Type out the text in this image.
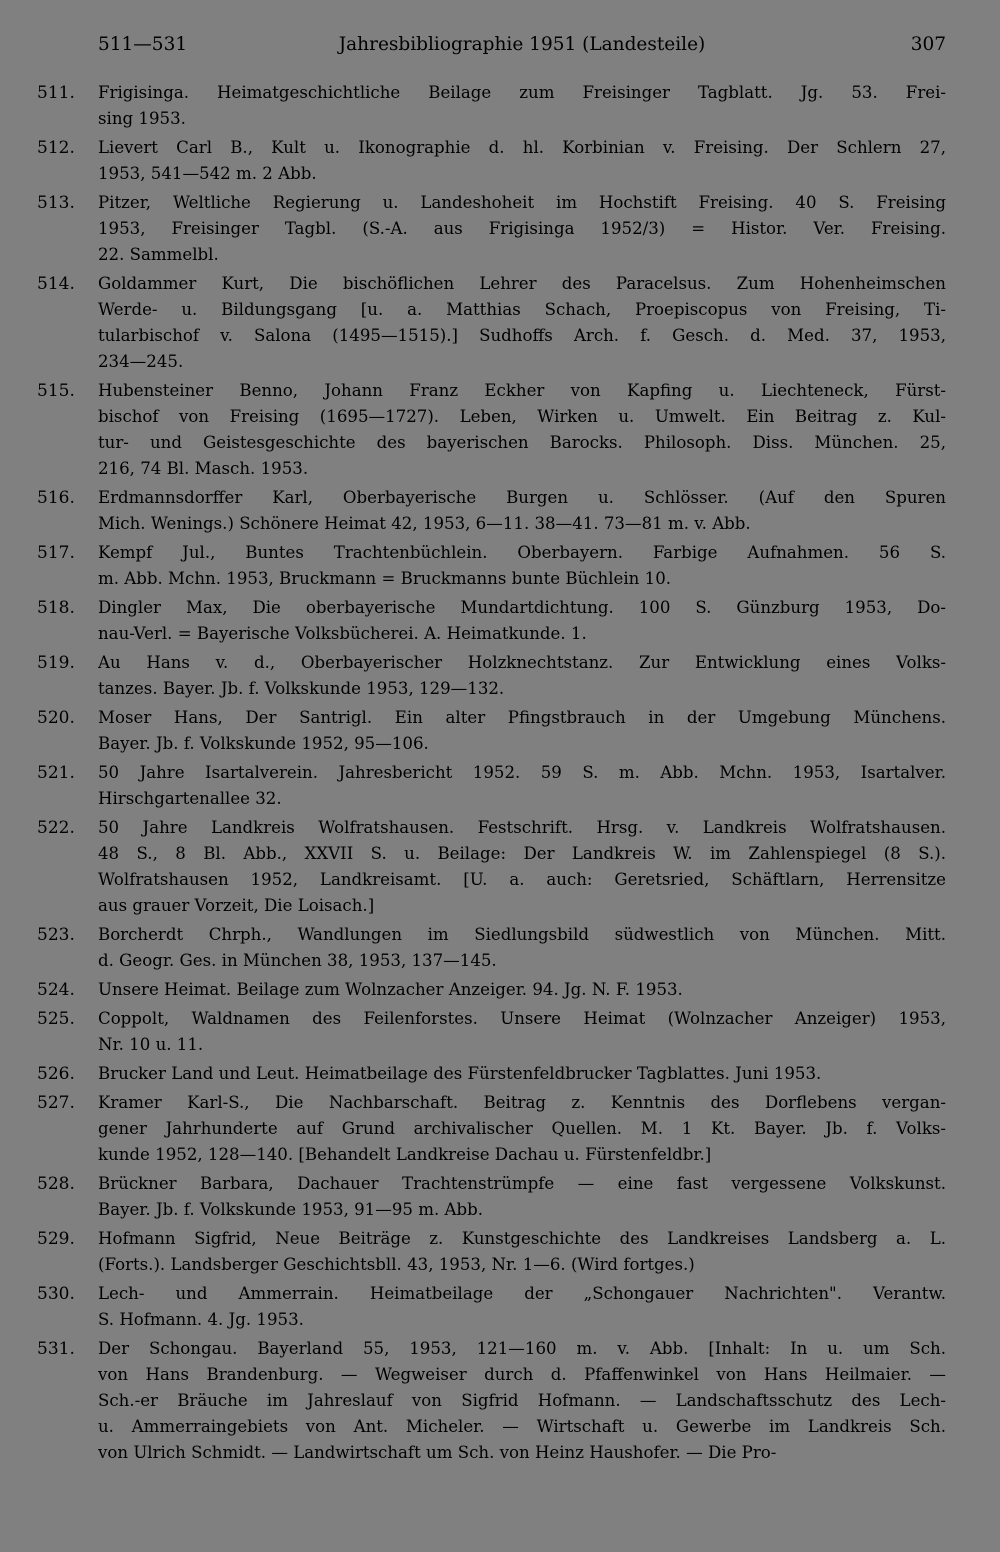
511—531	Jahresbibliographie 1951 (Landesteile)	307
511.	Frigisinga. Heimatgeschichtliche Beilage zum Freisinger Tagblatt. Jg. 53. Frei-
sing 1953.
512.	Lievert Carl B., Kult u. Ikonographie d. hl. Korbinian v. Freising. Der Schlern 27,
1953, 541—542 m. 2 Abb.
513.	Pitzer, Weltliche Regierung u. Landeshoheit im Hochstift Freising. 40 S. Freising
1953, Freisinger Tagbl. (S.-A. aus Frigisinga 1952/3) = Histor. Ver. Freising.
22. Sammelbl.
514.	Goldammer Kurt, Die bischöflichen Lehrer des Paracelsus. Zum Hohenheimschen
Werde- u. Bildungsgang [u. a. Matthias Schach, Proepiscopus von Freising, Ti-
tularbischof v. Salona (1495—1515).] Sudhoffs Arch. f. Gesch. d. Med. 37, 1953,
234—245.
515.	Hubensteiner Benno, Johann Franz Eckher von Kapfing u. Liechteneck, Fürst-
bischof von Freising (1695—1727). Leben, Wirken u. Umwelt. Ein Beitrag z. Kul-
tur- und Geistesgeschichte des bayerischen Barocks. Philosoph. Diss. München. 25,
216, 74 Bl. Masch. 1953.
516.	Erdmannsdorffer Karl, Oberbayerische Burgen u. Schlösser. (Auf den Spuren
Mich. Wenings.) Schönere Heimat 42, 1953, 6—11. 38—41. 73—81 m. v. Abb.
517.	Kempf Jul., Buntes Trachtenbüchlein. Oberbayern. Farbige Aufnahmen. 56 S.
m. Abb. Mchn. 1953, Bruckmann = Bruckmanns bunte Büchlein 10.
518.	Dingler Max, Die oberbayerische Mundartdichtung. 100 S. Günzburg 1953, Do-
nau-Verl. = Bayerische Volksbücherei. A. Heimatkunde. 1.
519.	Au Hans v. d., Oberbayerischer Holzknechtstanz. Zur Entwicklung eines Volks-
tanzes. Bayer. Jb. f. Volkskunde 1953, 129—132.
520.	Moser Hans, Der Santrigl. Ein alter Pfingstbrauch in der Umgebung Münchens.
Bayer. Jb. f. Volkskunde 1952, 95—106.
521.	50 Jahre Isartalverein. Jahresbericht 1952. 59 S. m. Abb. Mchn. 1953, Isartalver.
Hirschgartenallee 32.
522.	50 Jahre Landkreis Wolfratshausen. Festschrift. Hrsg. v. Landkreis Wolfratshausen.
48 S., 8 Bl. Abb., XXVII S. u. Beilage: Der Landkreis W. im Zahlenspiegel (8 S.).
Wolfratshausen 1952, Landkreisamt. [U. a. auch: Geretsried, Schäftlarn, Herrensitze
aus grauer Vorzeit, Die Loisach.]
523.	Borcherdt Chrph., Wandlungen im Siedlungsbild südwestlich von München. Mitt.
d. Geogr. Ges. in München 38, 1953, 137—145.
524.	Unsere Heimat. Beilage zum Wolnzacher Anzeiger. 94. Jg. N. F. 1953.
525.	Coppolt, Waldnamen des Feilenforstes. Unsere Heimat (Wolnzacher Anzeiger) 1953,
Nr. 10 u. 11.
526.	Brucker Land und Leut. Heimatbeilage des Fürstenfeldbrucker Tagblattes. Juni 1953.
527.	Kramer Karl-S., Die Nachbarschaft. Beitrag z. Kenntnis des Dorflebens vergan-
gener Jahrhunderte auf Grund archivalischer Quellen. M. 1 Kt. Bayer. Jb. f. Volks-
kunde 1952, 128—140. [Behandelt Landkreise Dachau u. Fürstenfeldbr.]
528.	Brückner Barbara, Dachauer Trachtenstrümpfe — eine fast vergessene Volkskunst.
Bayer. Jb. f. Volkskunde 1953, 91—95 m. Abb.
529.	Hofmann Sigfrid, Neue Beiträge z. Kunstgeschichte des Landkreises Landsberg a. L.
(Forts.). Landsberger Geschichtsbll. 43, 1953, Nr. 1—6. (Wird fortges.)
530.	Lech- und Ammerrain. Heimatbeilage der „Schongauer Nachrichten". Verantw.
S. Hofmann. 4. Jg. 1953.
531.	Der Schongau. Bayerland 55, 1953, 121—160 m. v. Abb. [Inhalt: In u. um Sch.
von Hans Brandenburg. — Wegweiser durch d. Pfaffenwinkel von Hans Heilmaier. —
Sch.-er Bräuche im Jahreslauf von Sigfrid Hofmann. — Landschaftsschutz des Lech-
u. Ammerraingebiets von Ant. Micheler. — Wirtschaft u. Gewerbe im Landkreis Sch.
von Ulrich Schmidt. — Landwirtschaft um Sch. von Heinz Haushofer. — Die Pro-
